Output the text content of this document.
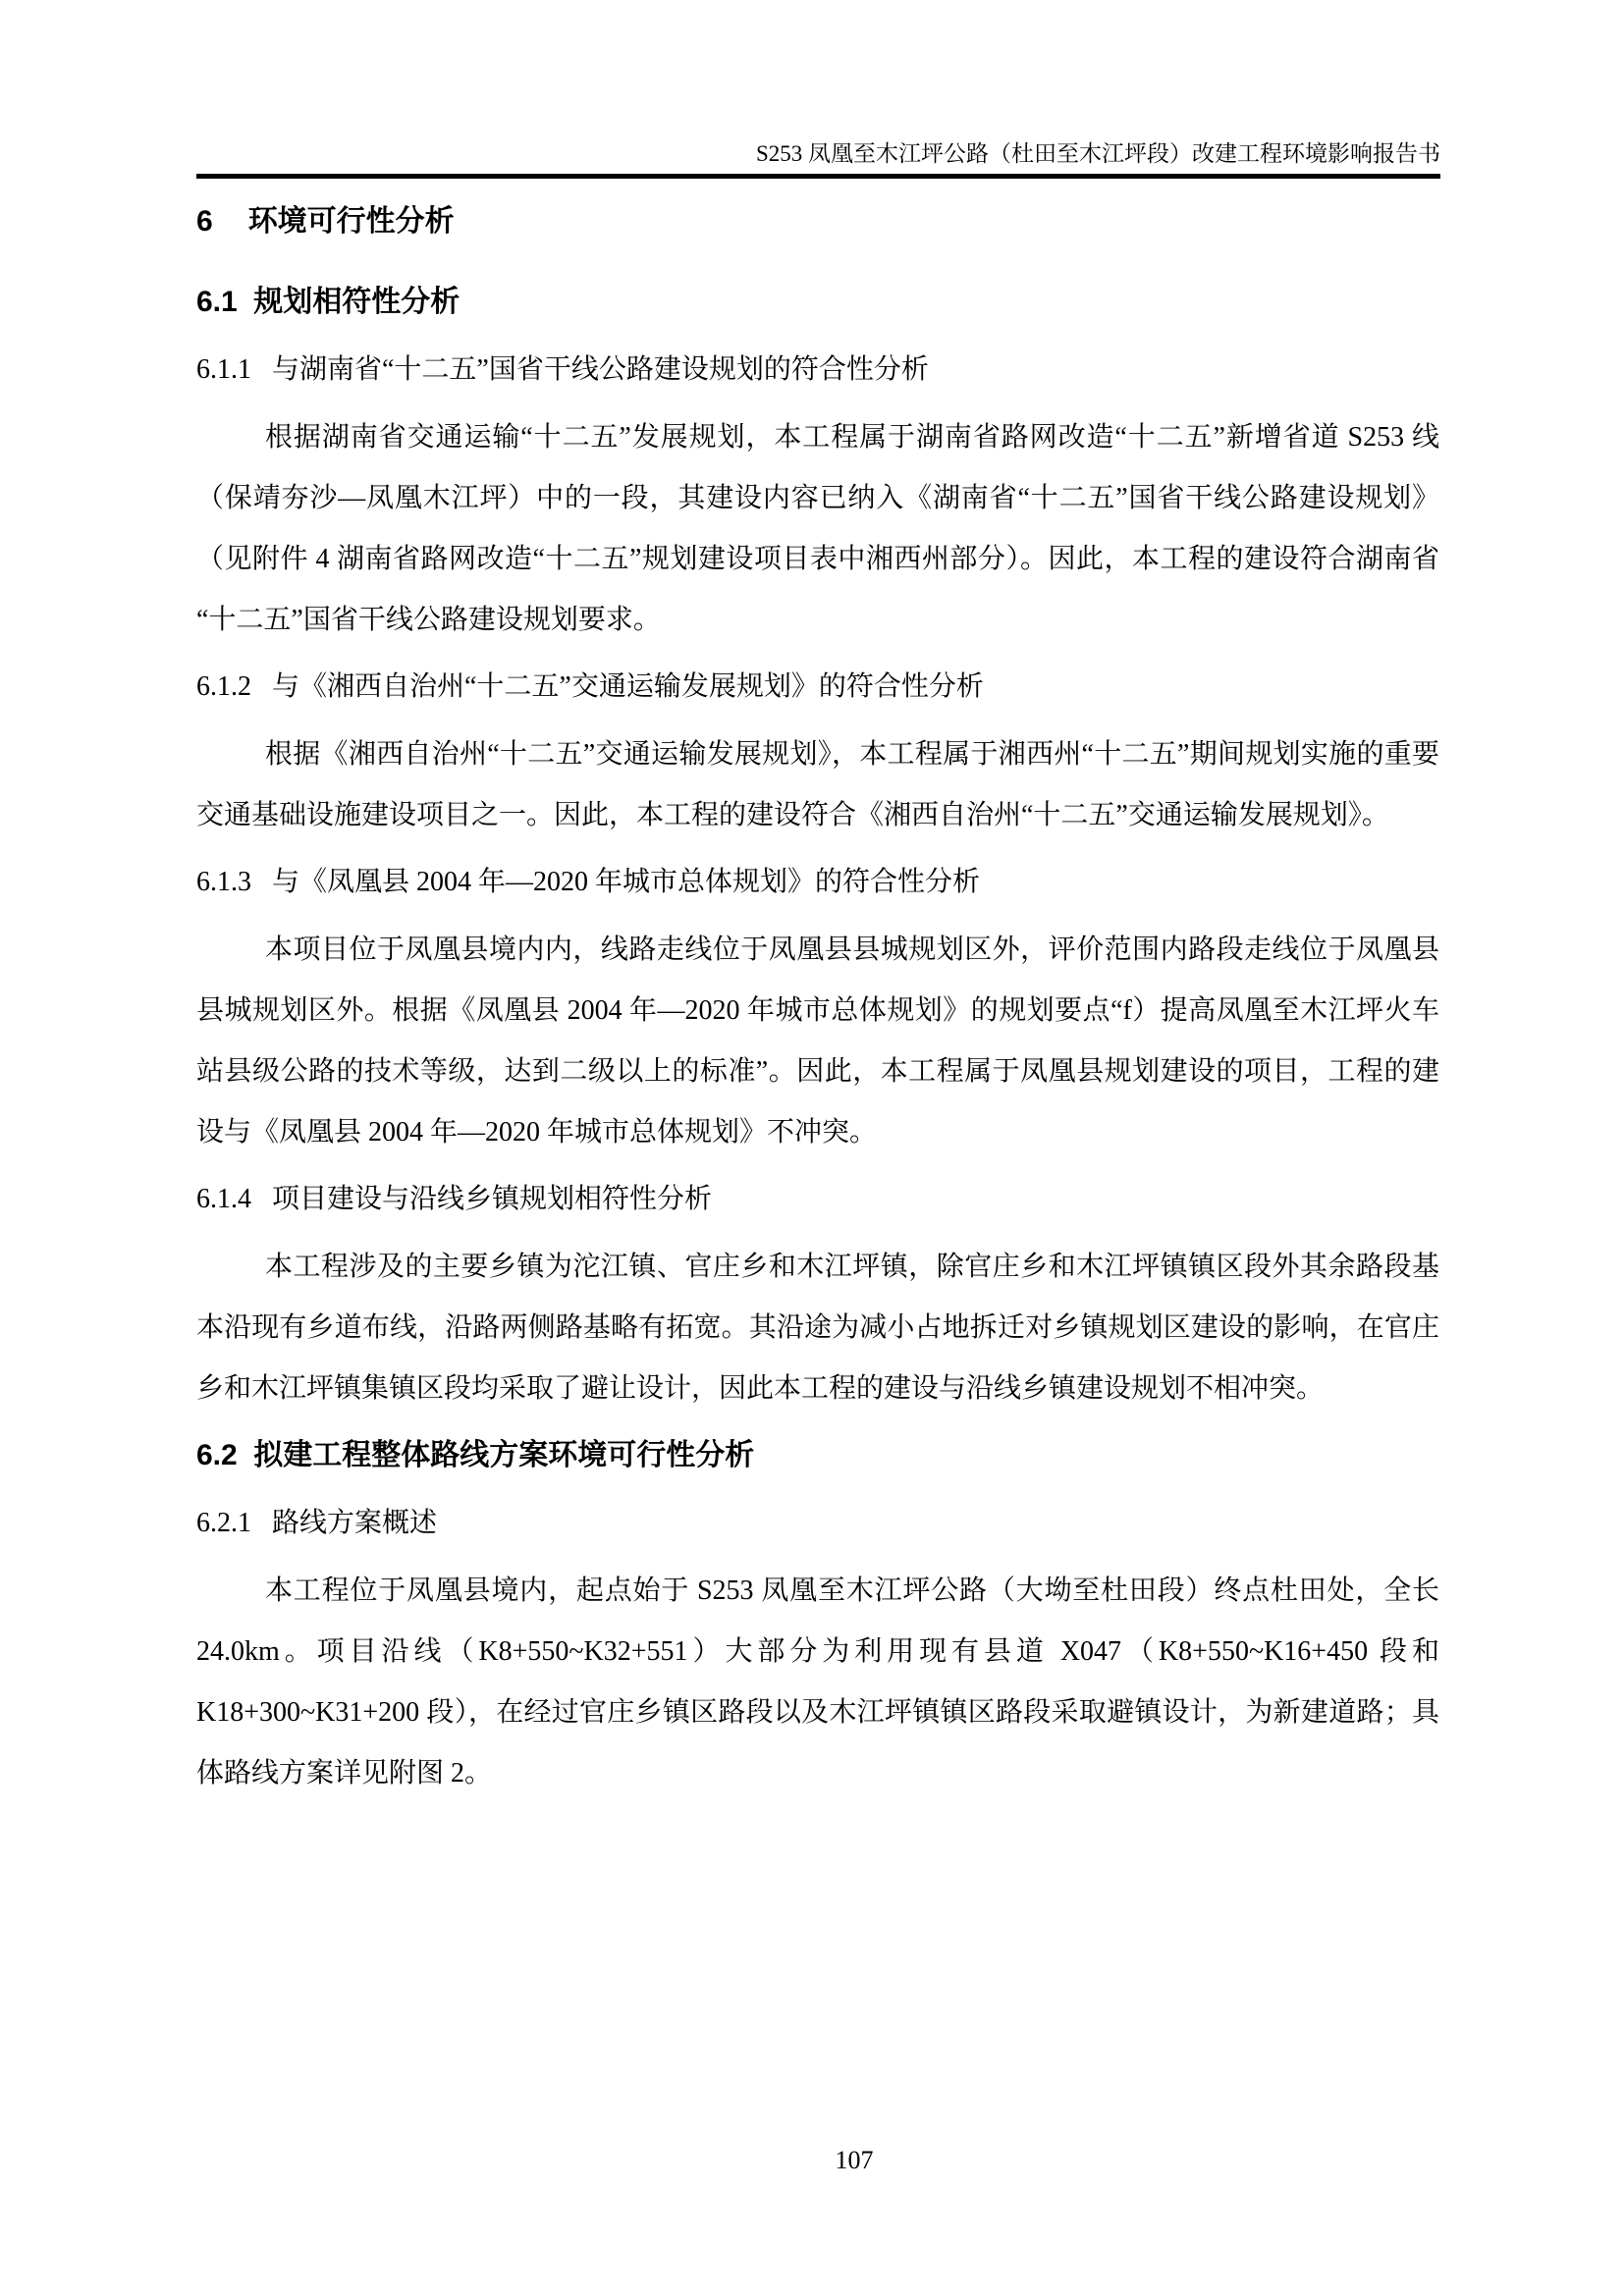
S253 凤凰至木江坪公路（杜田至木江坪段）改建工程环境影响报告书
6 环境可行性分析
6.1 规划相符性分析
6.1.1 与湖南省“十二五”国省干线公路建设规划的符合性分析

根据湖南省交通运输“十二五”发展规划，本工程属于湖南省路网改造“十二五”新增省道 S253 线（保靖夯沙—凤凰木江坪）中的一段，其建设内容已纳入《湖南省“十二五”国省干线公路建设规划》（见附件 4 湖南省路网改造“十二五”规划建设项目表中湘西州部分）。因此，本工程的建设符合湖南省“十二五”国省干线公路建设规划要求。

6.1.2 与《湘西自治州“十二五”交通运输发展规划》的符合性分析

根据《湘西自治州“十二五”交通运输发展规划》，本工程属于湘西州“十二五”期间规划实施的重要交通基础设施建设项目之一。因此，本工程的建设符合《湘西自治州“十二五”交通运输发展规划》。

6.1.3 与《凤凰县 2004 年—2020 年城市总体规划》的符合性分析

本项目位于凤凰县境内内，线路走线位于凤凰县县城规划区外，评价范围内路段走线位于凤凰县县城规划区外。根据《凤凰县 2004 年—2020 年城市总体规划》的规划要点“f）提高凤凰至木江坪火车站县级公路的技术等级，达到二级以上的标准”。因此，本工程属于凤凰县规划建设的项目，工程的建设与《凤凰县 2004 年—2020 年城市总体规划》不冲突。

6.1.4 项目建设与沿线乡镇规划相符性分析

本工程涉及的主要乡镇为沱江镇、官庄乡和木江坪镇，除官庄乡和木江坪镇镇区段外其余路段基本沿现有乡道布线，沿路两侧路基略有拓宽。其沿途为减小占地拆迁对乡镇规划区建设的影响，在官庄乡和木江坪镇集镇区段均采取了避让设计，因此本工程的建设与沿线乡镇建设规划不相冲突。

6.2 拟建工程整体路线方案环境可行性分析
6.2.1 路线方案概述

本工程位于凤凰县境内，起点始于 S253 凤凰至木江坪公路（大坳至杜田段）终点杜田处，全长 24.0km。项目沿线（K8+550~K32+551）大部分为利用现有县道 X047（K8+550~K16+450 段和 K18+300~K31+200 段），在经过官庄乡镇区路段以及木江坪镇镇区路段采取避镇设计，为新建道路；具体路线方案详见附图 2。

107
